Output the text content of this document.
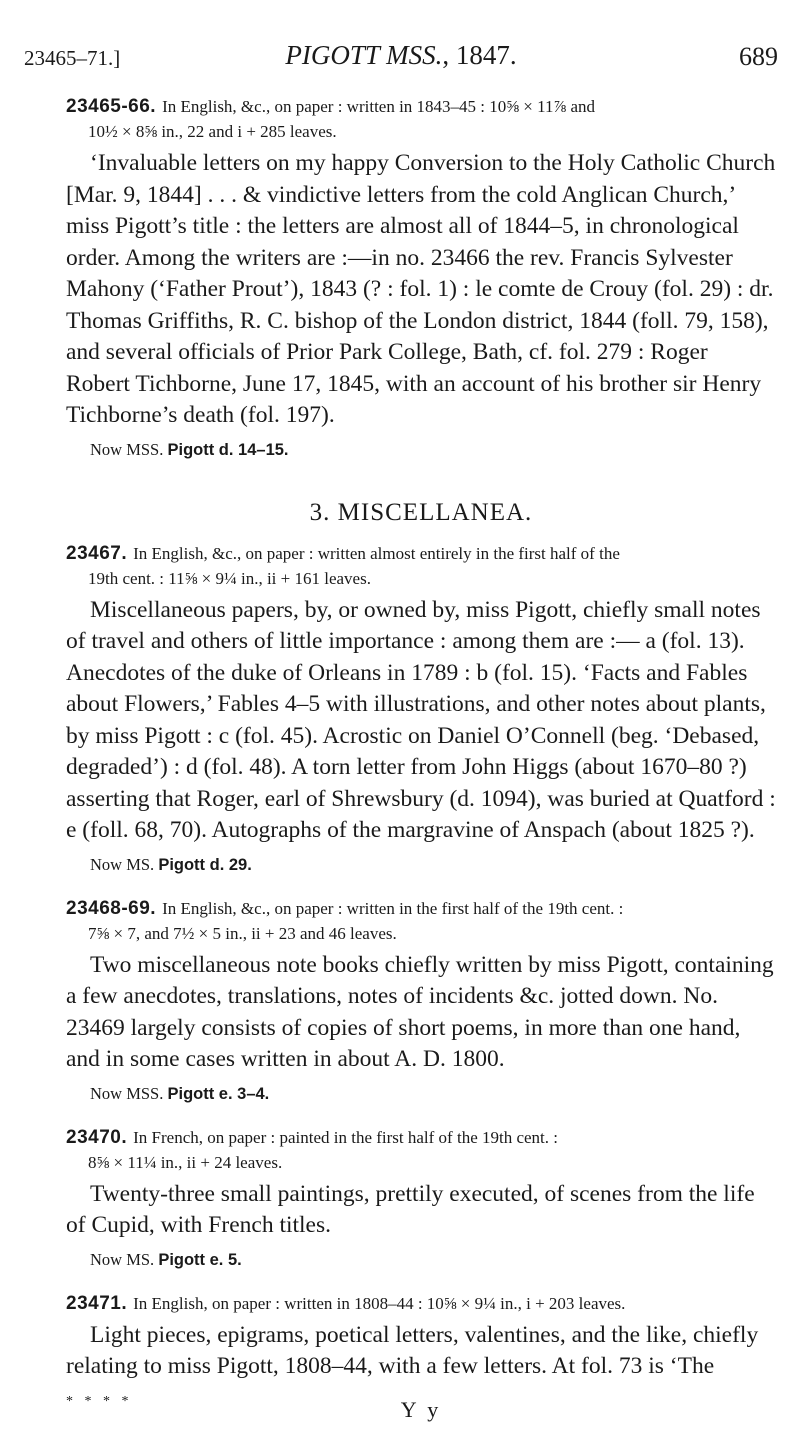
23465–71.]	PIGOTT MSS., 1847.	689

23465-66. In English, &c., on paper : written in 1843–45 : 10⅝ × 11⅞ and
10½ × 8⅝ in., 22 and i + 285 leaves.

‘Invaluable letters on my happy Conversion to the Holy Catholic Church [Mar. 9, 1844] . . . & vindictive letters from the cold Anglican Church,’ miss Pigott’s title : the letters are almost all of 1844–5, in chronological order. Among the writers are :—in no. 23466 the rev. Francis Sylvester Mahony (‘Father Prout’), 1843 (? : fol. 1) : le comte de Crouy (fol. 29) : dr. Thomas Griffiths, R. C. bishop of the London district, 1844 (foll. 79, 158), and several officials of Prior Park College, Bath, cf. fol. 279 : Roger Robert Tichborne, June 17, 1845, with an account of his brother sir Henry Tichborne’s death (fol. 197).

Now MSS. Pigott d. 14–15.

3. MISCELLANEA.

23467. In English, &c., on paper : written almost entirely in the first half of the
19th cent. : 11⅝ × 9¼ in., ii + 161 leaves.

Miscellaneous papers, by, or owned by, miss Pigott, chiefly small notes of travel and others of little importance : among them are :— a (fol. 13). Anecdotes of the duke of Orleans in 1789 : b (fol. 15). ‘Facts and Fables about Flowers,’ Fables 4–5 with illustrations, and other notes about plants, by miss Pigott : c (fol. 45). Acrostic on Daniel O’Connell (beg. ‘Debased, degraded’) : d (fol. 48). A torn letter from John Higgs (about 1670–80 ?) asserting that Roger, earl of Shrewsbury (d. 1094), was buried at Quatford : e (foll. 68, 70). Autographs of the margravine of Anspach (about 1825 ?).

Now MS. Pigott d. 29.

23468-69. In English, &c., on paper : written in the first half of the 19th cent. :
7⅝ × 7, and 7½ × 5 in., ii + 23 and 46 leaves.

Two miscellaneous note books chiefly written by miss Pigott, containing a few anecdotes, translations, notes of incidents &c. jotted down. No. 23469 largely consists of copies of short poems, in more than one hand, and in some cases written in about A. D. 1800.

Now MSS. Pigott e. 3–4.

23470. In French, on paper : painted in the first half of the 19th cent. :
8⅝ × 11¼ in., ii + 24 leaves.

Twenty-three small paintings, prettily executed, of scenes from the life of Cupid, with French titles.

Now MS. Pigott e. 5.

23471. In English, on paper : written in 1808–44 : 10⅝ × 9¼ in., i + 203 leaves.

Light pieces, epigrams, poetical letters, valentines, and the like, chiefly relating to miss Pigott, 1808–44, with a few letters. At fol. 73 is ‘The

* * * *	Y y
